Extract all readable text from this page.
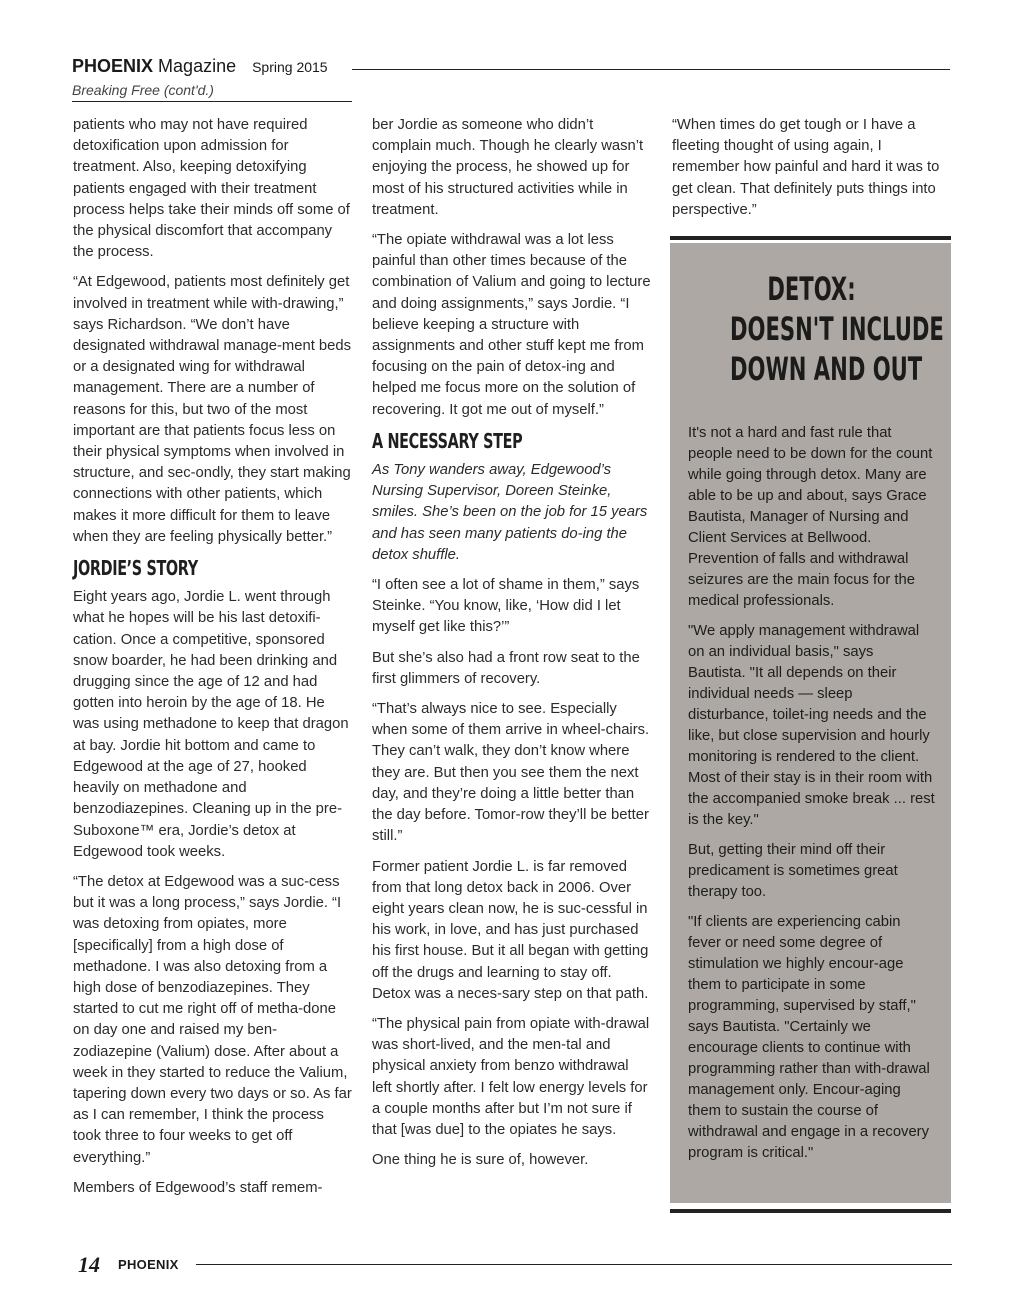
PHOENIX Magazine Spring 2015
Breaking Free (cont'd.)

patients who may not have required detoxification upon admission for treatment. Also, keeping detoxifying patients engaged with their treatment process helps take their minds off some of the physical discomfort that accompany the process.

“At Edgewood, patients most definitely get involved in treatment while with-drawing,” says Richardson. “We don’t have designated withdrawal manage-ment beds or a designated wing for withdrawal management. There are a number of reasons for this, but two of the most important are that patients focus less on their physical symptoms when involved in structure, and sec-ondly, they start making connections with other patients, which makes it more difficult for them to leave when they are feeling physically better.”

JORDIE’S STORY

Eight years ago, Jordie L. went through what he hopes will be his last detoxifi-cation. Once a competitive, sponsored snow boarder, he had been drinking and drugging since the age of 12 and had gotten into heroin by the age of 18. He was using methadone to keep that dragon at bay. Jordie hit bottom and came to Edgewood at the age of 27, hooked heavily on methadone and benzodiazepines. Cleaning up in the pre-Suboxone™ era, Jordie’s detox at Edgewood took weeks.

“The detox at Edgewood was a suc-cess but it was a long process,” says Jordie. “I was detoxing from opiates, more [specifically] from a high dose of methadone. I was also detoxing from a high dose of benzodiazepines. They started to cut me right off of metha-done on day one and raised my ben-zodiazepine (Valium) dose. After about a week in they started to reduce the Valium, tapering down every two days or so. As far as I can remember, I think the process took three to four weeks to get off everything.”

Members of Edgewood’s staff remem-

ber Jordie as someone who didn’t complain much. Though he clearly wasn’t enjoying the process, he showed up for most of his structured activities while in treatment.

“The opiate withdrawal was a lot less painful than other times because of the combination of Valium and going to lecture and doing assignments,” says Jordie. “I believe keeping a structure with assignments and other stuff kept me from focusing on the pain of detox-ing and helped me focus more on the solution of recovering. It got me out of myself.”

A NECESSARY STEP

As Tony wanders away, Edgewood’s Nursing Supervisor, Doreen Steinke, smiles. She’s been on the job for 15 years and has seen many patients do-ing the detox shuffle.

“I often see a lot of shame in them,” says Steinke. “You know, like, ‘How did I let myself get like this?’”

But she’s also had a front row seat to the first glimmers of recovery.

“That’s always nice to see. Especially when some of them arrive in wheel-chairs. They can’t walk, they don’t know where they are. But then you see them the next day, and they’re doing a little better than the day before. Tomor-row they’ll be better still.”

Former patient Jordie L. is far removed from that long detox back in 2006. Over eight years clean now, he is suc-cessful in his work, in love, and has just purchased his first house. But it all began with getting off the drugs and learning to stay off. Detox was a neces-sary step on that path.

“The physical pain from opiate with-drawal was short-lived, and the men-tal and physical anxiety from benzo withdrawal left shortly after. I felt low energy levels for a couple months after but I’m not sure if that [was due] to the opiates he says.

One thing he is sure of, however.

“When times do get tough or I have a fleeting thought of using again, I remember how painful and hard it was to get clean. That definitely puts things into perspective.”

DETOX:
DOESN'T INCLUDE
DOWN AND OUT

It's not a hard and fast rule that people need to be down for the count while going through detox. Many are able to be up and about, says Grace Bautista, Manager of Nursing and Client Services at Bellwood. Prevention of falls and withdrawal seizures are the main focus for the medical professionals.

"We apply management withdrawal on an individual basis," says Bautista. "It all depends on their individual needs — sleep disturbance, toilet-ing needs and the like, but close supervision and hourly monitoring is rendered to the client. Most of their stay is in their room with the accompanied smoke break ... rest is the key."

But, getting their mind off their predicament is sometimes great therapy too.

"If clients are experiencing cabin fever or need some degree of stimulation we highly encour-age them to participate in some programming, supervised by staff," says Bautista. "Certainly we encourage clients to continue with programming rather than with-drawal management only. Encour-aging them to sustain the course of withdrawal and engage in a recovery program is critical."

14 PHOENIX
